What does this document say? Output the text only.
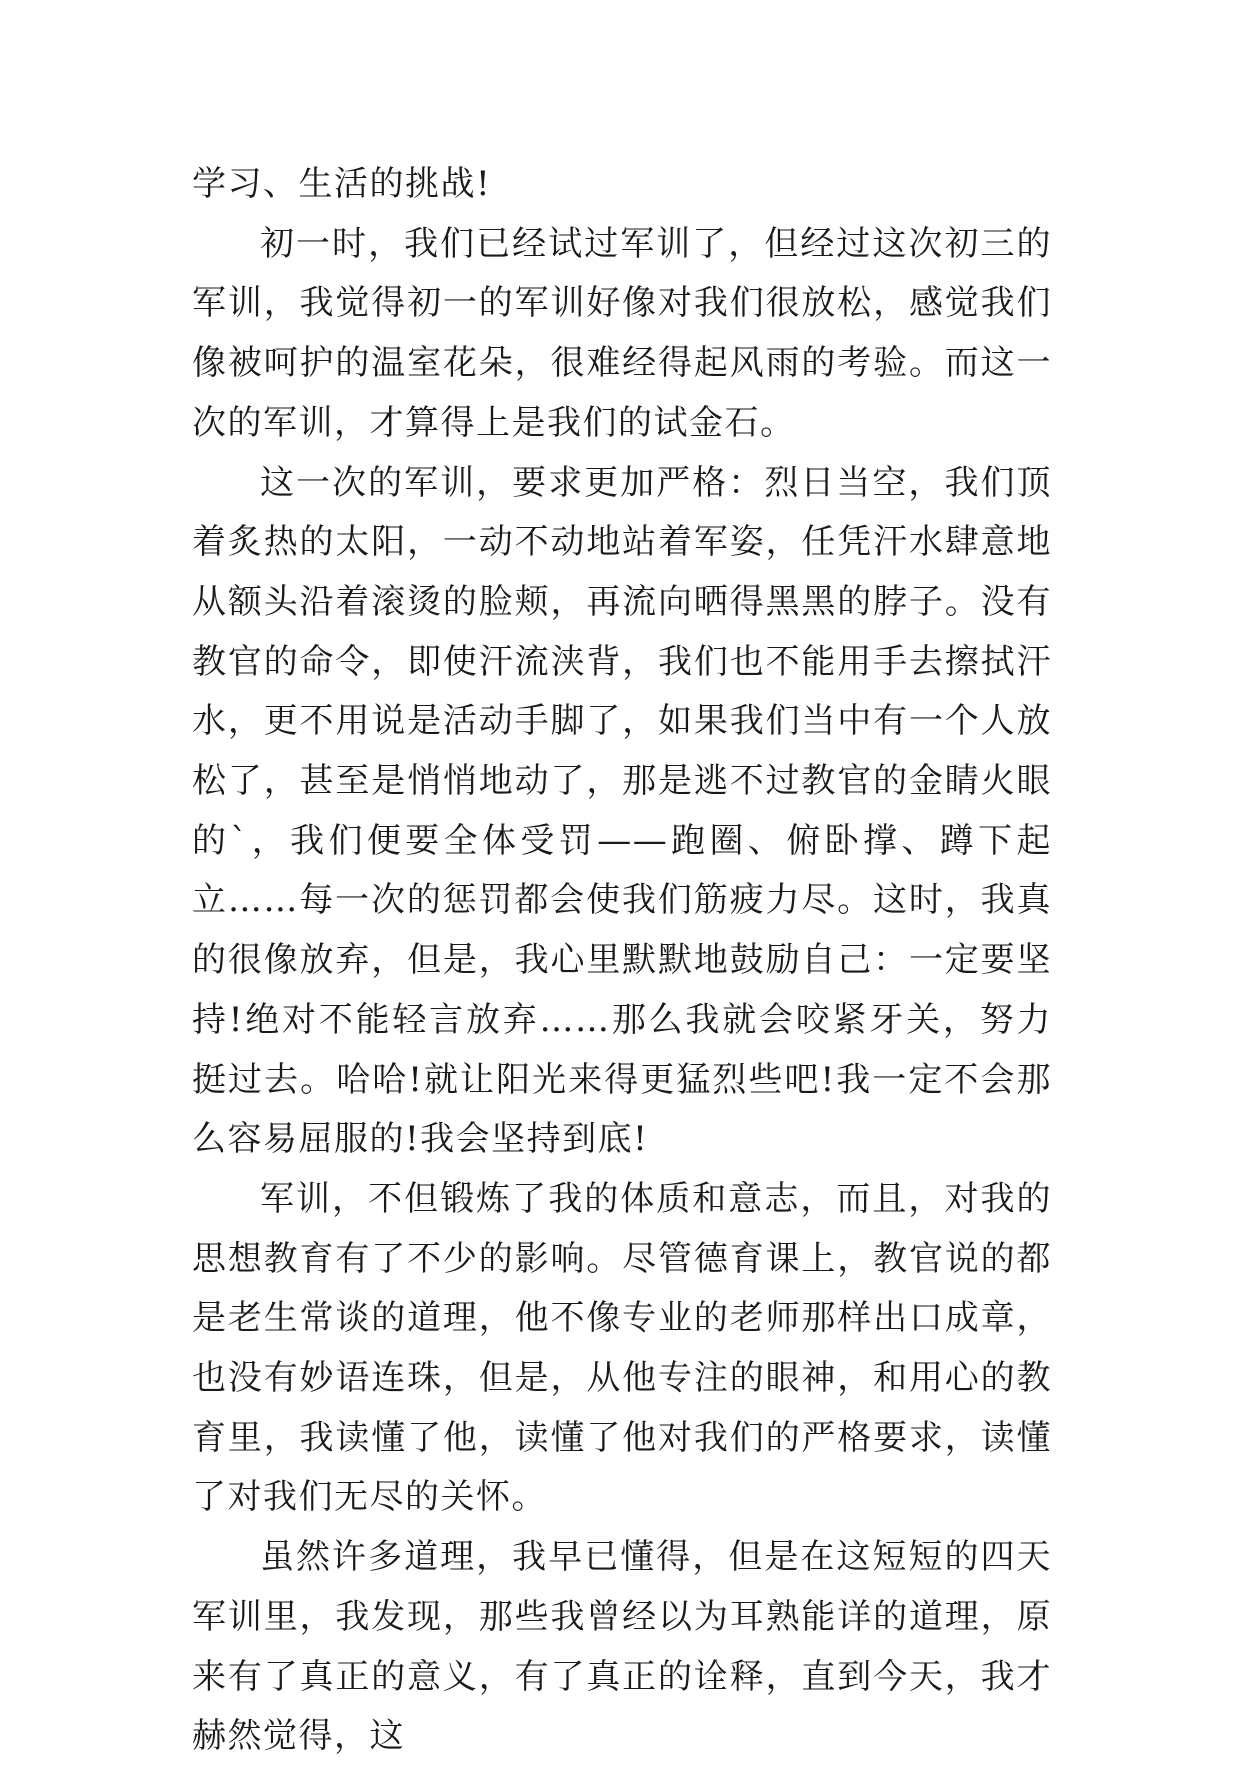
学习、生活的挑战!

初一时，我们已经试过军训了，但经过这次初三的军训，我觉得初一的军训好像对我们很放松，感觉我们像被呵护的温室花朵，很难经得起风雨的考验。而这一次的军训，才算得上是我们的试金石。

这一次的军训，要求更加严格：烈日当空，我们顶着炙热的太阳，一动不动地站着军姿，任凭汗水肆意地从额头沿着滚烫的脸颊，再流向晒得黑黑的脖子。没有教官的命令，即使汗流浃背，我们也不能用手去擦拭汗水，更不用说是活动手脚了，如果我们当中有一个人放松了，甚至是悄悄地动了，那是逃不过教官的金睛火眼的`，我们便要全体受罚——跑圈、俯卧撑、蹲下起立……每一次的惩罚都会使我们筋疲力尽。这时，我真的很像放弃，但是，我心里默默地鼓励自己：一定要坚持!绝对不能轻言放弃……那么我就会咬紧牙关，努力挺过去。哈哈!就让阳光来得更猛烈些吧!我一定不会那么容易屈服的!我会坚持到底!

军训，不但锻炼了我的体质和意志，而且，对我的思想教育有了不少的影响。尽管德育课上，教官说的都是老生常谈的道理，他不像专业的老师那样出口成章，也没有妙语连珠，但是，从他专注的眼神，和用心的教育里，我读懂了他，读懂了他对我们的严格要求，读懂了对我们无尽的关怀。

虽然许多道理，我早已懂得，但是在这短短的四天军训里，我发现，那些我曾经以为耳熟能详的道理，原来有了真正的意义，有了真正的诠释，直到今天，我才赫然觉得，这
